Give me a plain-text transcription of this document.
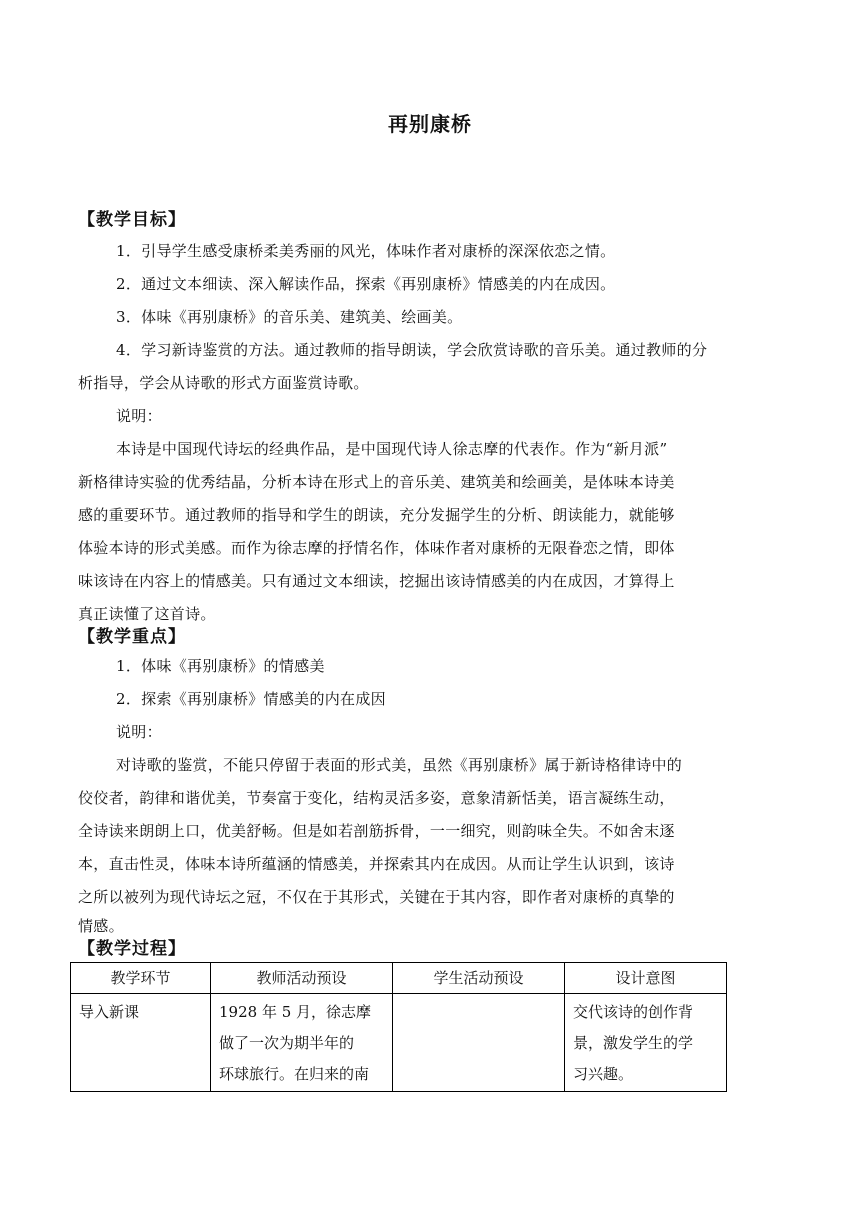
再别康桥
【教学目标】
1．引导学生感受康桥柔美秀丽的风光，体味作者对康桥的深深依恋之情。
2．通过文本细读、深入解读作品，探索《再别康桥》情感美的内在成因。
3．体味《再别康桥》的音乐美、建筑美、绘画美。
4．学习新诗鉴赏的方法。通过教师的指导朗读，学会欣赏诗歌的音乐美。通过教师的分
析指导，学会从诗歌的形式方面鉴赏诗歌。
说明：
本诗是中国现代诗坛的经典作品，是中国现代诗人徐志摩的代表作。作为“新月派”
新格律诗实验的优秀结晶，分析本诗在形式上的音乐美、建筑美和绘画美，是体味本诗美
感的重要环节。通过教师的指导和学生的朗读，充分发掘学生的分析、朗读能力，就能够
体验本诗的形式美感。而作为徐志摩的抒情名作，体味作者对康桥的无限眷恋之情，即体
味该诗在内容上的情感美。只有通过文本细读，挖掘出该诗情感美的内在成因，才算得上
真正读懂了这首诗。
【教学重点】
1．体味《再别康桥》的情感美
2．探索《再别康桥》情感美的内在成因
说明：
对诗歌的鉴赏，不能只停留于表面的形式美，虽然《再别康桥》属于新诗格律诗中的
佼佼者，韵律和谐优美，节奏富于变化，结构灵活多姿，意象清新恬美，语言凝练生动，
全诗读来朗朗上口，优美舒畅。但是如若剖筋拆骨，一一细究，则韵味全失。不如舍末逐
本，直击性灵，体味本诗所蕴涵的情感美，并探索其内在成因。从而让学生认识到，该诗
之所以被列为现代诗坛之冠，不仅在于其形式，关键在于其内容，即作者对康桥的真挚的
情感。
【教学过程】
教学环节	教师活动预设	学生活动预设	设计意图
导入新课	1928 年 5 月，徐志摩
做了一次为期半年的
环球旅行。在归来的南		交代该诗的创作背
景，激发学生的学
习兴趣。
